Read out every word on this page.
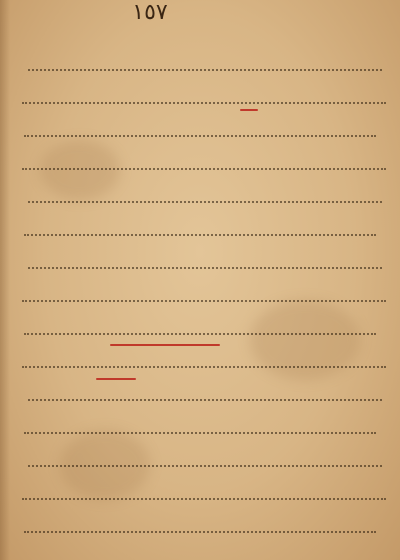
١٥٧
